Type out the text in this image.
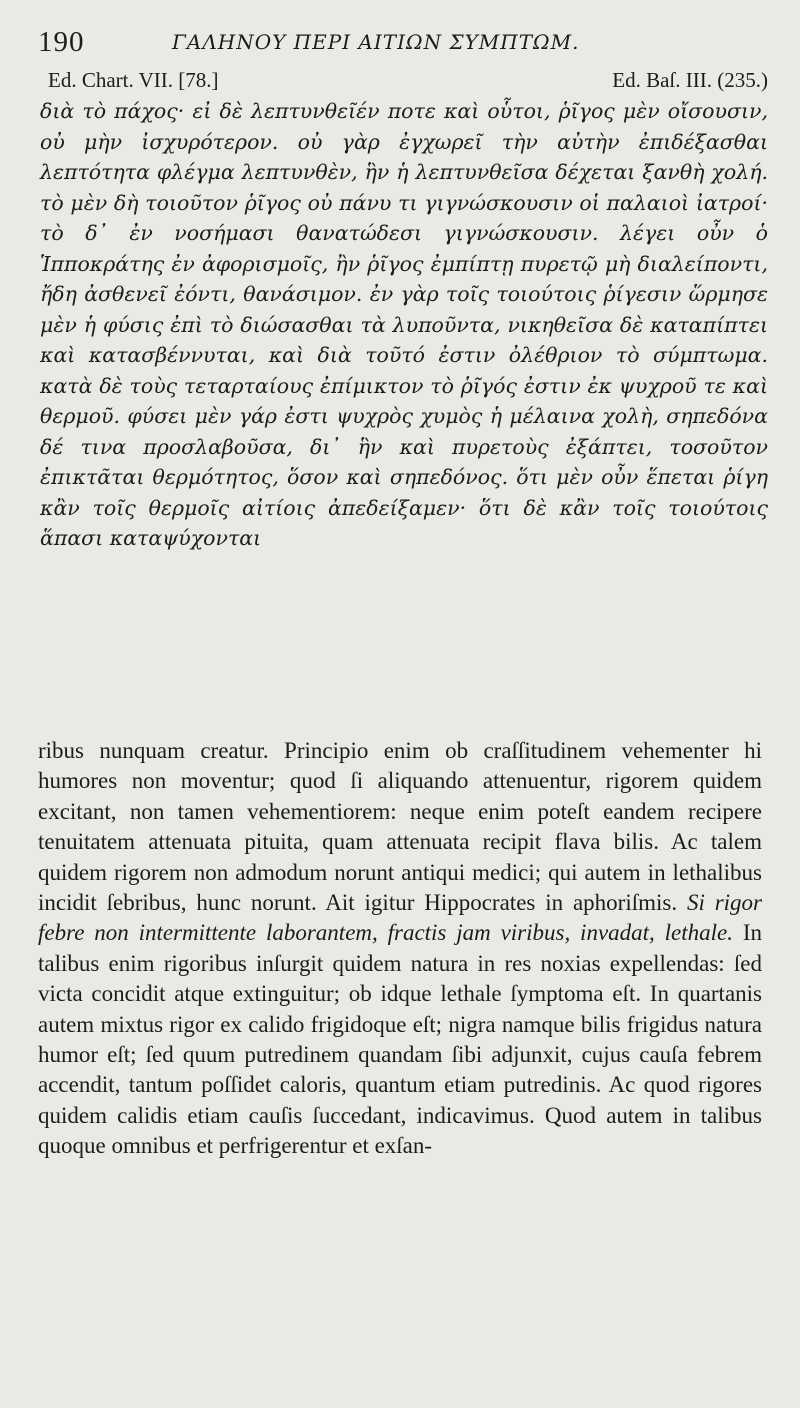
190	ΓΑΛΗΝΟΥ ΠΕΡΙ ΑΙΤΙΩΝ ΣΥΜΠΤΩΜ.
Ed. Chart. VII. [78.]	Ed. Baſ. III. (235.)

διὰ τὸ πάχος· εἰ δὲ λεπτυνθεῖέν ποτε καὶ οὗτοι, ῥῖγος μὲν οἴσουσιν, οὐ μὴν ἰσχυρότερον. οὐ γὰρ ἐγχωρεῖ τὴν αὐτὴν ἐπιδέξασθαι λεπτότητα φλέγμα λεπτυνθὲν, ἣν ἡ λεπτυνθεῖσα δέχεται ξανθὴ χολή. τὸ μὲν δὴ τοιοῦτον ῥῖγος οὐ πάνυ τι γιγνώσκουσιν οἱ παλαιοὶ ἰατροί· τὸ δ᾽ ἐν νοσήμασι θανατώδεσι γιγνώσκουσιν. λέγει οὖν ὁ Ἱπποκράτης ἐν ἀφορισμοῖς, ἢν ῥῖγος ἐμπίπτῃ πυρετῷ μὴ διαλείποντι, ἤδη ἀσθενεῖ ἐόντι, θανάσιμον. ἐν γὰρ τοῖς τοιούτοις ῥίγεσιν ὥρμησε μὲν ἡ φύσις ἐπὶ τὸ διώσασθαι τὰ λυποῦντα, νικηθεῖσα δὲ καταπίπτει καὶ κατασβέννυται, καὶ διὰ τοῦτό ἐστιν ὀλέθριον τὸ σύμπτωμα. κατὰ δὲ τοὺς τεταρταίους ἐπίμικτον τὸ ῥῖγός ἐστιν ἐκ ψυχροῦ τε καὶ θερμοῦ. φύσει μὲν γάρ ἐστι ψυχρὸς χυμὸς ἡ μέλαινα χολὴ, σηπεδόνα δέ τινα προσλαβοῦσα, δι᾽ ἣν καὶ πυρετοὺς ἐξάπτει, τοσοῦτον ἐπικτᾶται θερμότητος, ὅσον καὶ σηπεδόνος. ὅτι μὲν οὖν ἕπεται ῥίγη κἂν τοῖς θερμοῖς αἰτίοις ἀπεδείξαμεν· ὅτι δὲ κἂν τοῖς τοιούτοις ἅπασι καταψύχονται

ribus nunquam creatur. Principio enim ob craſſitudinem vehementer hi humores non moventur; quod ſi aliquando attenuentur, rigorem quidem excitant, non tamen vehementiorem: neque enim poteſt eandem recipere tenuitatem attenuata pituita, quam attenuata recipit flava bilis. Ac talem quidem rigorem non admodum norunt antiqui medici; qui autem in lethalibus incidit ſebribus, hunc norunt. Ait igitur Hippocrates in aphoriſmis. Si rigor febre non intermittente laborantem, fractis jam viribus, invadat, lethale. In talibus enim rigoribus inſurgit quidem natura in res noxias expellendas: ſed victa concidit atque extinguitur; ob idque lethale ſymptoma eſt. In quartanis autem mixtus rigor ex calido frigidoque eſt; nigra namque bilis frigidus natura humor eſt; ſed quum putredinem quandam ſibi adjunxit, cujus cauſa febrem accendit, tantum poſſidet caloris, quantum etiam putredinis. Ac quod rigores quidem calidis etiam cauſis ſuccedant, indicavimus. Quod autem in talibus quoque omnibus et perfrigerentur et exſan-
